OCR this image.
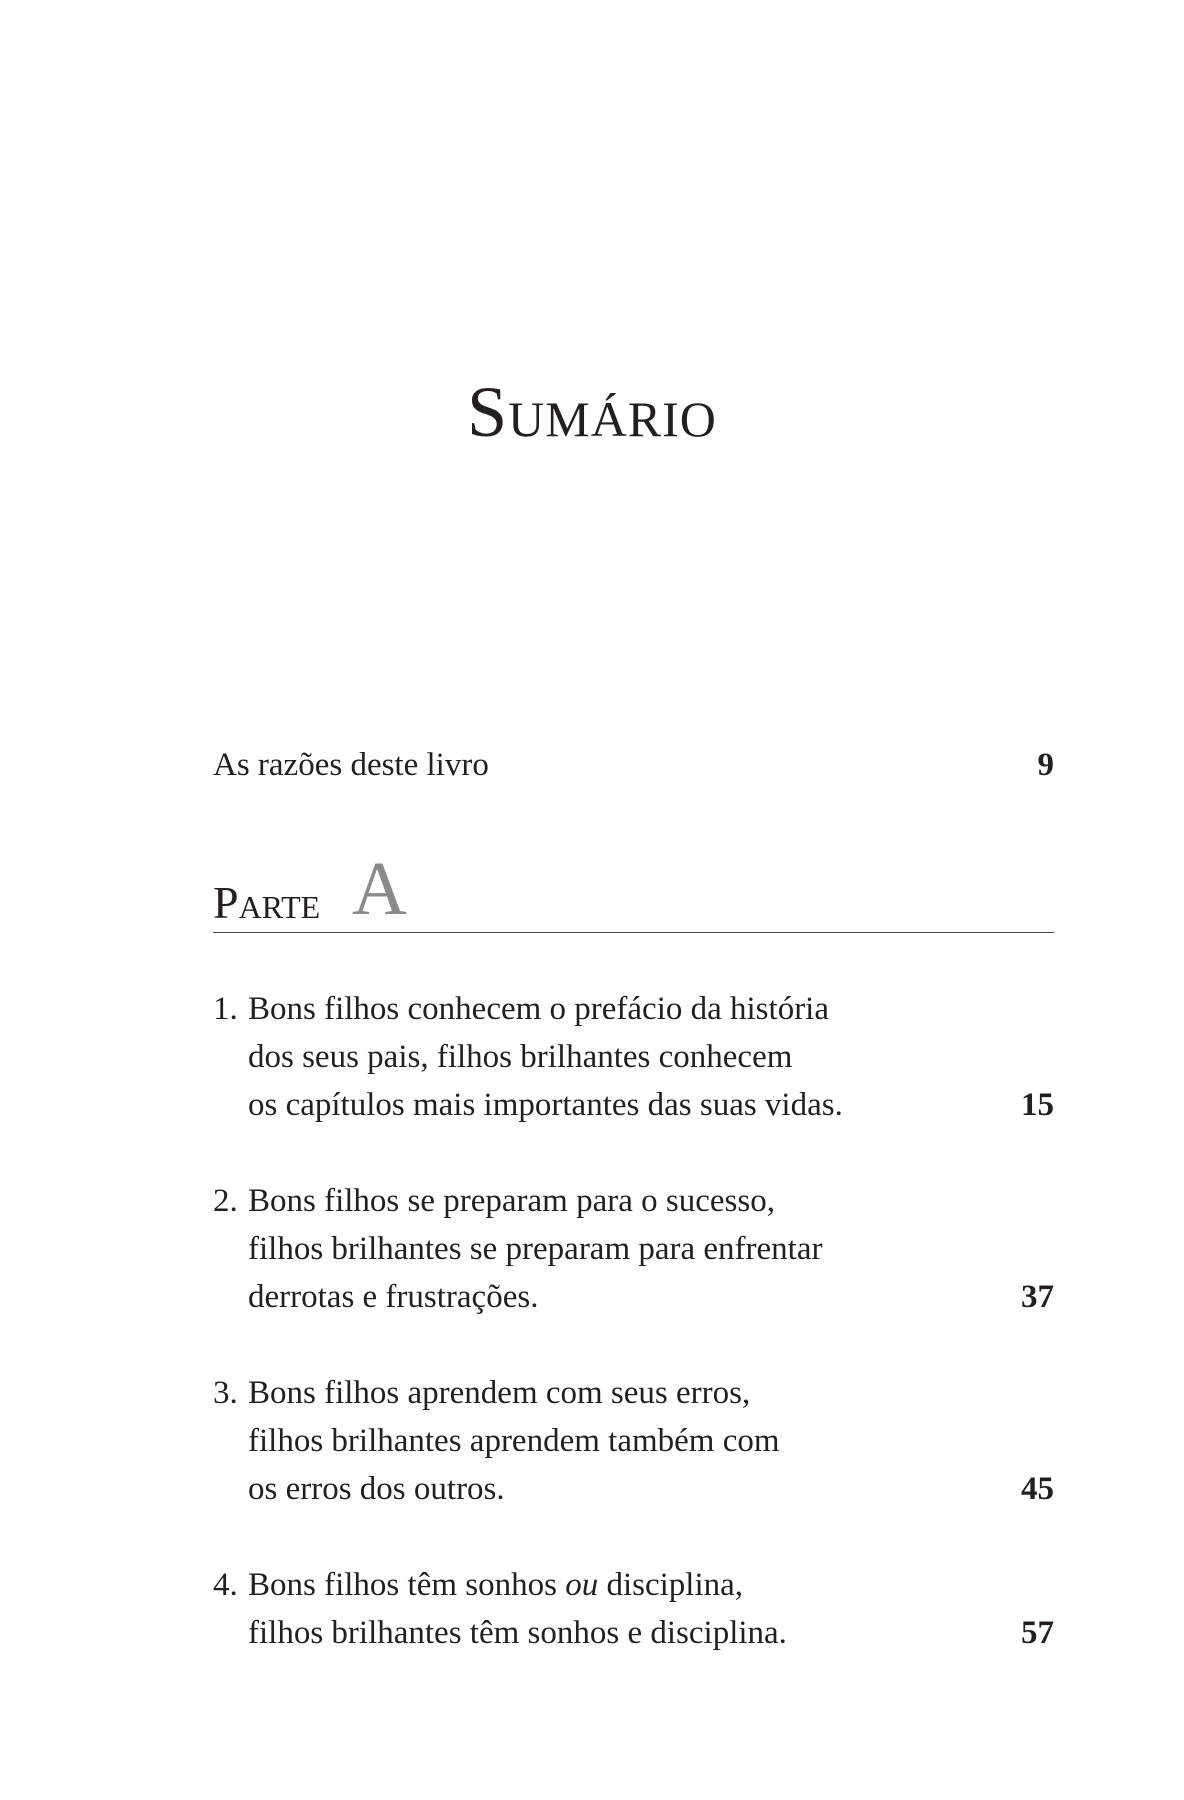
Sumário
As razões deste livro	9
Parte A
1. Bons filhos conhecem o prefácio da história
dos seus pais, filhos brilhantes conhecem
os capítulos mais importantes das suas vidas.	15
2. Bons filhos se preparam para o sucesso,
filhos brilhantes se preparam para enfrentar
derrotas e frustrações.	37
3. Bons filhos aprendem com seus erros,
filhos brilhantes aprendem também com
os erros dos outros.	45
4. Bons filhos têm sonhos ou disciplina,
filhos brilhantes têm sonhos e disciplina.	57
